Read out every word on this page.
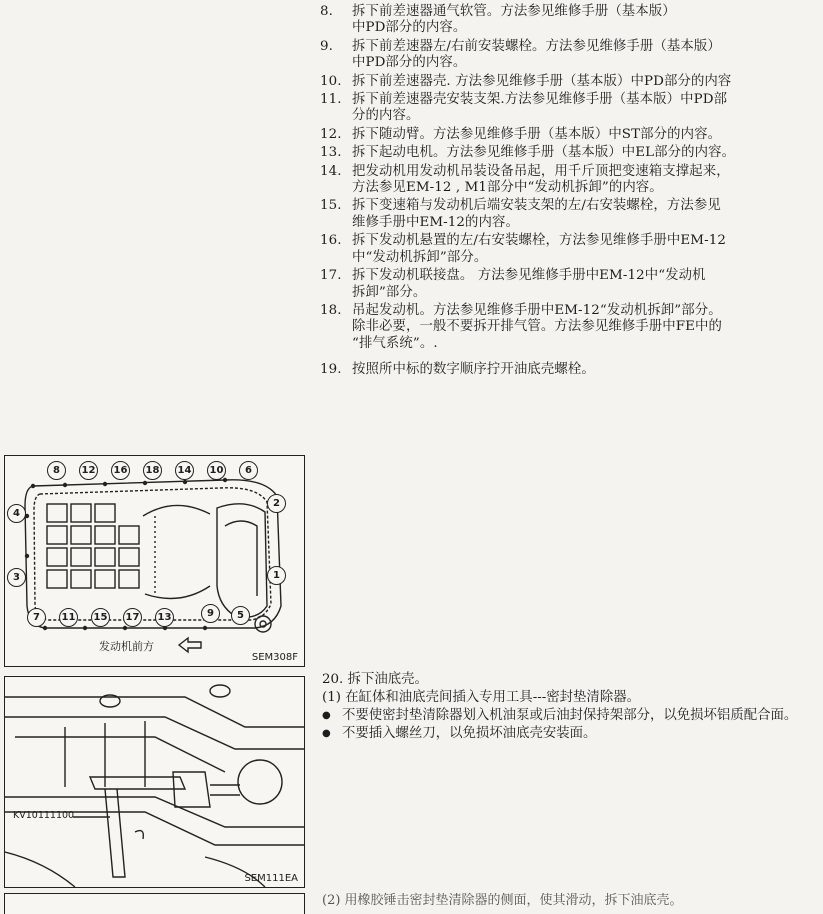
8. 拆下前差速器通气软管。方法参见维修手册（基本版）
中PD部分的内容。
9. 拆下前差速器左/右前安装螺栓。方法参见维修手册（基本版）
中PD部分的内容。
10. 拆下前差速器壳. 方法参见维修手册（基本版）中PD部分的内容
11. 拆下前差速器壳安装支架.方法参见维修手册（基本版）中PD部
分的内容。
12. 拆下随动臂。方法参见维修手册（基本版）中ST部分的内容。
13. 拆下起动电机。方法参见维修手册（基本版）中EL部分的内容。
14. 把发动机用发动机吊装设备吊起，用千斤顶把变速箱支撑起来，
方法参见EM-12 , M1部分中“发动机拆卸”的内容。
15. 拆下变速箱与发动机后端安装支架的左/右安装螺栓，方法参见
维修手册中EM-12的内容。
16. 拆下发动机悬置的左/右安装螺栓，方法参见维修手册中EM-12
中“发动机拆卸”部分。
17. 拆下发动机联接盘。 方法参见维修手册中EM-12中“发动机
拆卸”部分。
18. 吊起发动机。方法参见维修手册中EM-12“发动机拆卸”部分。
除非必要，一般不要拆开排气管。方法参见维修手册中FE中的
“排气系统”。.
19. 按照所中标的数字顺序拧开油底壳螺栓。
8	12 16 18 14 10	6
4
3
2
1
7	11 15 17 13	9	5
发动机前方
SEM308F
KV10111100
SEM111EA
20. 拆下油底壳。
(1) 在缸体和油底壳间插入专用工具---密封垫清除器。
● 不要使密封垫清除器划入机油泵或后油封保持架部分，以免损坏铝质配合面。
● 不要插入螺丝刀，以免损坏油底壳安装面。
(2) 用橡胶锤击密封垫清除器的侧面，使其滑动，拆下油底壳。
